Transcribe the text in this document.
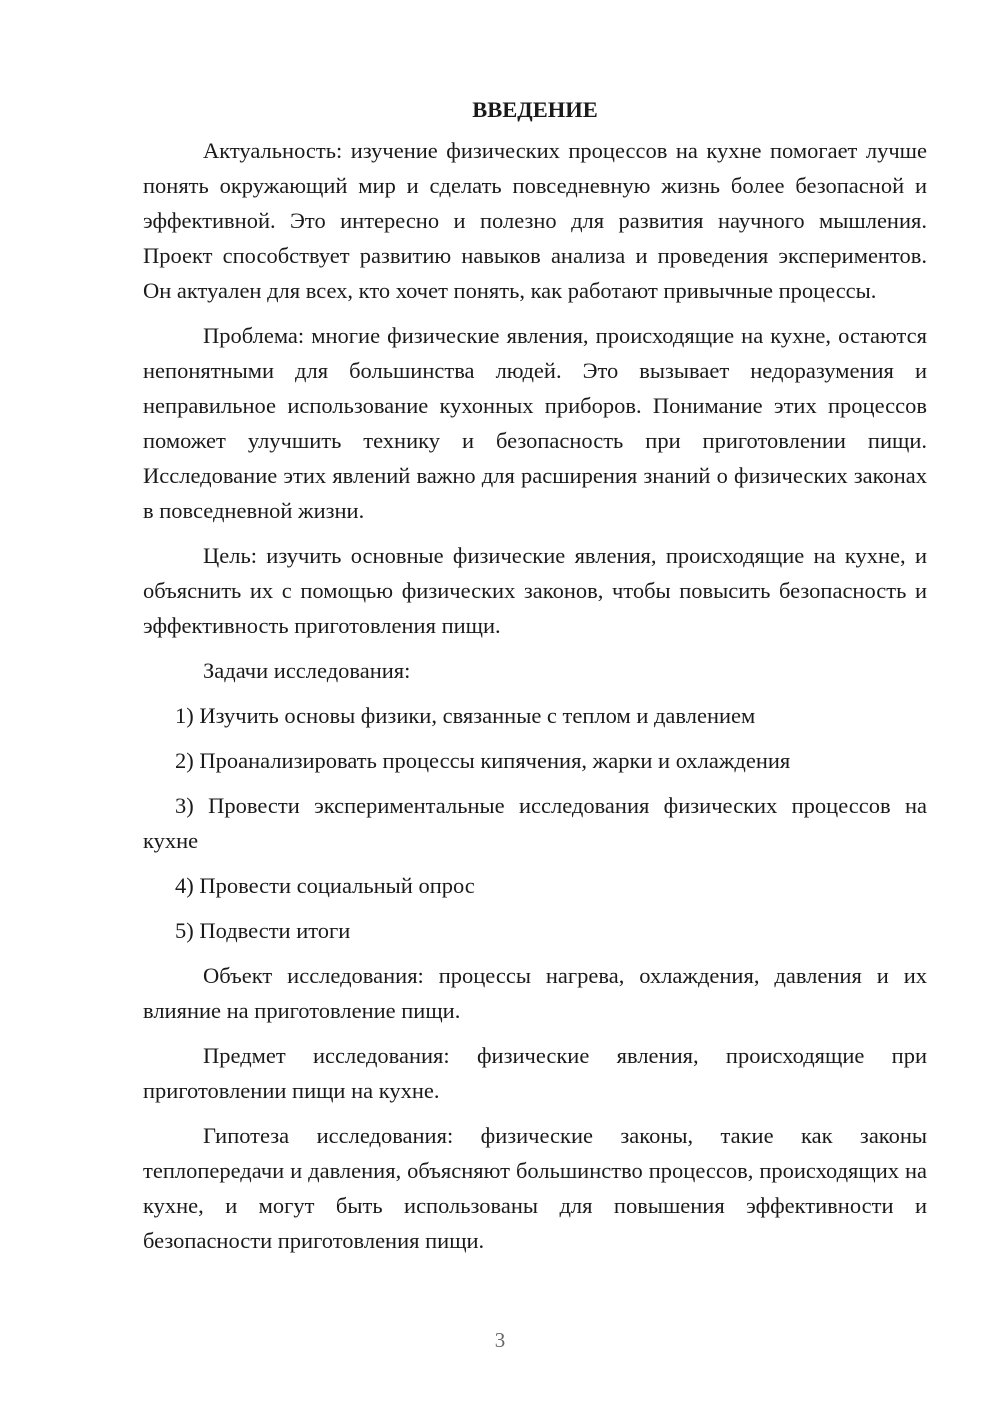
ВВЕДЕНИЕ

Актуальность: изучение физических процессов на кухне помогает лучше понять окружающий мир и сделать повседневную жизнь более безопасной и эффективной. Это интересно и полезно для развития научного мышления. Проект способствует развитию навыков анализа и проведения экспериментов. Он актуален для всех, кто хочет понять, как работают привычные процессы.

Проблема: многие физические явления, происходящие на кухне, остаются непонятными для большинства людей. Это вызывает недоразумения и неправильное использование кухонных приборов. Понимание этих процессов поможет улучшить технику и безопасность при приготовлении пищи. Исследование этих явлений важно для расширения знаний о физических законах в повседневной жизни.

Цель: изучить основные физические явления, происходящие на кухне, и объяснить их с помощью физических законов, чтобы повысить безопасность и эффективность приготовления пищи.

Задачи исследования:

1) Изучить основы физики, связанные с теплом и давлением

2) Проанализировать процессы кипячения, жарки и охлаждения

3) Провести экспериментальные исследования физических процессов на кухне

4) Провести социальный опрос

5) Подвести итоги

Объект исследования: процессы нагрева, охлаждения, давления и их влияние на приготовление пищи.

Предмет исследования: физические явления, происходящие при приготовлении пищи на кухне.

Гипотеза исследования: физические законы, такие как законы теплопередачи и давления, объясняют большинство процессов, происходящих на кухне, и могут быть использованы для повышения эффективности и безопасности приготовления пищи.

3
